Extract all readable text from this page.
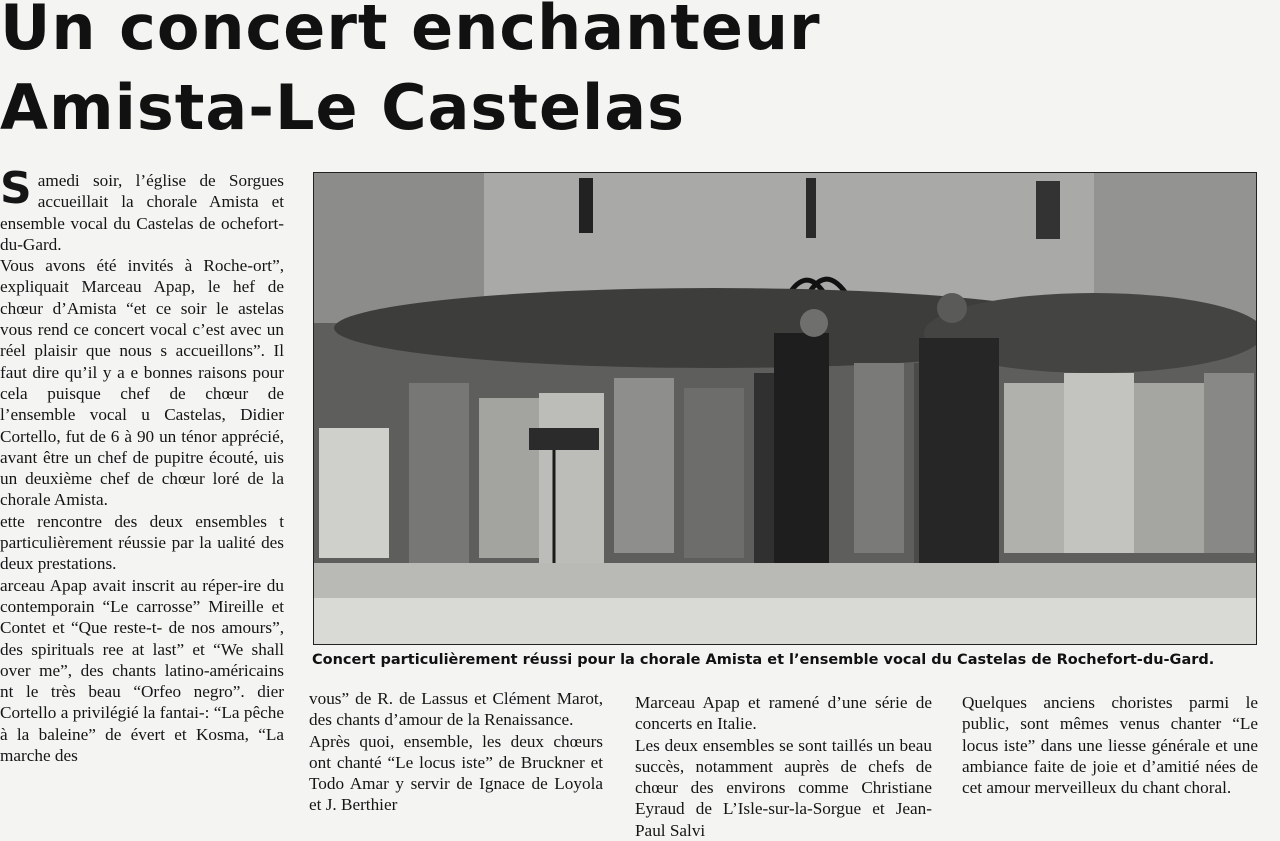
Un concert enchanteur
Amista-Le Castelas

Samedi soir, l’église de Sorgues accueillait la chorale Amista et ensemble vocal du Castelas de ochefort-du-Gard.

Vous avons été invités à Roche-ort”, expliquait Marceau Apap, le hef de chœur d’Amista “et ce soir le astelas vous rend ce concert vocal c’est avec un réel plaisir que nous s accueillons”. Il faut dire qu’il y a e bonnes raisons pour cela puisque chef de chœur de l’ensemble vocal u Castelas, Didier Cortello, fut de 6 à 90 un ténor apprécié, avant être un chef de pupitre écouté, uis un deuxième chef de chœur loré de la chorale Amista.

ette rencontre des deux ensembles t particulièrement réussie par la ualité des deux prestations.

arceau Apap avait inscrit au réper-ire du contemporain “Le carrosse” Mireille et Contet et “Que reste-t- de nos amours”, des spirituals ree at last” et “We shall over me”, des chants latino-américains nt le très beau “Orfeo negro”. dier Cortello a privilégié la fantai-: “La pêche à la baleine” de évert et Kosma, “La marche des

Concert particulièrement réussi pour la chorale Amista et l’ensemble vocal du Castelas de Rochefort-du-Gard.

vous” de R. de Lassus et Clément Marot, des chants d’amour de la Renaissance.

Après quoi, ensemble, les deux chœurs ont chanté “Le locus iste” de Bruckner et Todo Amar y servir de Ignace de Loyola et J. Berthier

Marceau Apap et ramené d’une série de concerts en Italie.

Les deux ensembles se sont taillés un beau succès, notamment auprès de chefs de chœur des environs comme Christiane Eyraud de L’Isle-sur-la-Sorgue et Jean-Paul Salvi

Quelques anciens choristes parmi le public, sont mêmes venus chanter “Le locus iste” dans une liesse générale et une ambiance faite de joie et d’amitié nées de cet amour merveilleux du chant choral.
